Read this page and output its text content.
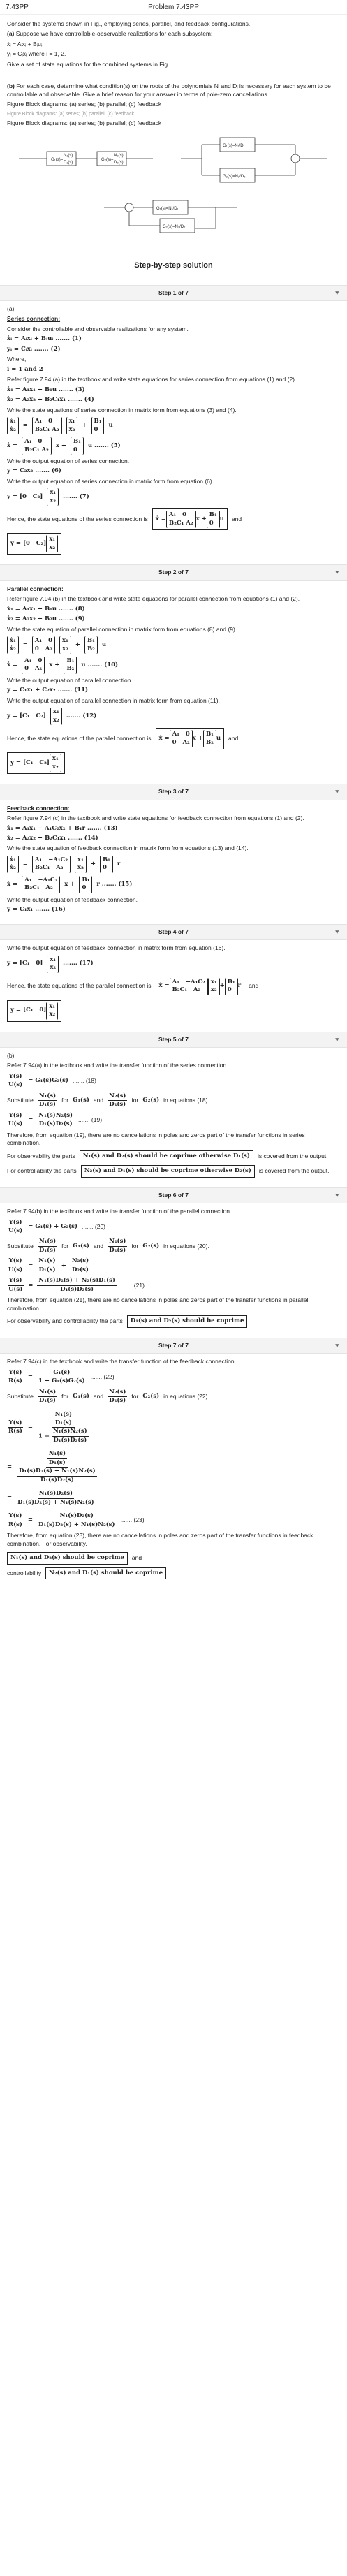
7.43PP	Problem 7.43PP

Consider the systems shown in Fig., employing series, parallel, and feedback configurations.

(a) Suppose we have controllable-observable realizations for each subsystem:

ẋᵢ = Aᵢxᵢ + Bᵢuᵢ,

yᵢ = Cᵢxᵢ where i = 1, 2.

Give a set of state equations for the combined systems in Fig.

(b) For each case, determine what condition(s) on the roots of the polynomials Nᵢ and Dᵢ is necessary for each system to be controllable and observable. Give a brief reason for your answer in terms of pole-zero cancellations.

Figure Block diagrams: (a) series; (b) parallel; (c) feedback

Figure Block diagrams: (a) series; (b) parallel; (c) feedback

Figure Block diagrams: (a) series; (b) parallel; (c) feedback

G₁(s)=
N₁(s)
D₁(s)
G₂(s)=
N₂(s)
D₂(s)
G₁(s)=N₁/D₁
G₂(s)=N₂/D₂
G₁(s)=N₁/D₁
G₂(s)=N₂/D₂
Step-by-step solution
Step 1 of 7	▾

(a)

Series connection:

Consider the controllable and observable realizations for any system.

ẋᵢ = Aᵢxᵢ + Bᵢuᵢ ....... (1)

yᵢ = Cᵢxᵢ ....... (2)

Where,

i = 1 and 2

Refer figure 7.94 (a) in the textbook and write state equations for series connection from equations (1) and (2).

ẋ₁ = A₁x₁ + B₁u ....... (3)

ẋ₂ = A₂x₂ + B₂C₁x₁ ....... (4)

Write the state equations of series connection in matrix form from equations (3) and (4).

ẋ₁
ẋ₂
=
A₁   0
B₂C₁ A₂
x₁
x₂
+
B₁
0
u
ẋ =
A₁   0
B₂C₁ A₂
x +
B₁
0
u ....... (5)

Write the output equation of series connection.

y = C₂x₂ ....... (6)

Write the output equation of series connection in matrix form from equation (6).

y = [0   C₂]
x₁
x₂
....... (7)
Hence, the state equations of the series connection is	ẋ =
A₁   0
B₂C₁ A₂
x +
B₁
0
u	and
y = [0   C₂]
x₁
x₂
Step 2 of 7	▾

Parallel connection:

Refer figure 7.94 (b) in the textbook and write state equations for parallel connection from equations (1) and (2).

ẋ₁ = A₁x₁ + B₁u ....... (8)

ẋ₂ = A₂x₂ + B₂u ....... (9)

Write the state equation of parallel connection in matrix form from equations (8) and (9).

ẋ₁
ẋ₂
=
A₁   0
0   A₂
x₁
x₂
+
B₁
B₂
u
ẋ =
A₁   0
0   A₂
x +
B₁
B₂
u ....... (10)

Write the output equation of parallel connection.

y = C₁x₁ + C₂x₂ ....... (11)

Write the output equation of parallel connection in matrix form from equation (11).

y = [C₁   C₂]
x₁
x₂
....... (12)
Hence, the state equations of the parallel connection is	ẋ =
A₁   0
0   A₂
x +
B₁
B₂
u	and
y = [C₁   C₂]
x₁
x₂
Step 3 of 7	▾

Feedback connection:

Refer figure 7.94 (c) in the textbook and write state equations for feedback connection from equations (1) and (2).

ẋ₁ = A₁x₁ − A₁C₂x₂ + B₁r ....... (13)

ẋ₂ = A₂x₂ + B₂C₁x₁ ....... (14)

Write the state equation of feedback connection in matrix form from equations (13) and (14).

ẋ₁
ẋ₂
=
A₁   −A₁C₂
B₂C₁   A₂
x₁
x₂
+
B₁
0
r
ẋ =
A₁   −A₁C₂
B₂C₁   A₂
x +
B₁
0
r ....... (15)

Write the output equation of feedback connection.

y = C₁x₁ ....... (16)

Step 4 of 7	▾

Write the output equation of feedback connection in matrix form from equation (16).

y = [C₁   0]
x₁
x₂
....... (17)
Hence, the state equations of the parallel connection is	ẋ =
A₁   −A₁C₂
B₂C₁   A₂
x₁
x₂
+
B₁
0
r	and
y = [C₁   0]
x₁
x₂
Step 5 of 7	▾

(b)

Refer 7.94(a) in the textbook and write the transfer function of the series connection.

$\frac{Y(s)}{U(s)} = G_1(s)G_2(s)$ ....... (18)
Substitute $\frac{\text{N₁(s)}}{\text{D₁(s)}}$ for G₁(s) and $\frac{\text{N₂(s)}}{\text{D₂(s)}}$ for G₂(s) in equations (18).
$\frac{Y(s)}{U(s)} = \frac{\text{N₁(s)N₂(s)}}{\text{D₁(s)D₂(s)}}$ ....... (19)

Therefore, from equation (19), there are no cancellations in poles and zeros part of the transfer functions in series combination.

For observability the parts	N₁(s) and D₂(s) should be coprime otherwise D₁(s)	is covered from the output.
For controllability the parts	N₂(s) and D₁(s) should be coprime otherwise D₂(s)	is covered from the output.
Step 6 of 7	▾

Refer 7.94(b) in the textbook and write the transfer function of the parallel connection.

$\frac{Y(s)}{U(s)} = G_1(s) + G_2(s)$ ....... (20)
Substitute $\frac{\text{N₁(s)}}{\text{D₁(s)}}$ for G₁(s) and $\frac{\text{N₂(s)}}{\text{D₂(s)}}$ for G₂(s) in equations (20).
$\frac{Y(s)}{U(s)} = \frac{\text{N₁(s)}}{\text{D₁(s)}} + \frac{\text{N₂(s)}}{\text{D₂(s)}}$
$\frac{Y(s)}{U(s)} = \frac{\text{N₁(s)D₂(s) + N₂(s)D₁(s)}}{\text{D₁(s)D₂(s)}}$ ....... (21)

Therefore, from equation (21), there are no cancellations in poles and zeros part of the transfer functions in parallel combination.

For observability and controllability the parts	D₁(s) and D₂(s) should be coprime
Step 7 of 7	▾

Refer 7.94(c) in the textbook and write the transfer function of the feedback connection.

$\frac{Y(s)}{R(s)} = \frac{\text{G₁(s)}}{\text{1 + G₁(s)G₂(s)}}$ ....... (22)
Substitute $\frac{\text{N₁(s)}}{\text{D₁(s)}}$ for G₁(s) and $\frac{\text{N₂(s)}}{\text{D₂(s)}}$ for G₂(s) in equations (22).
$\frac{Y(s)}{R(s)} = \frac{\frac{\text{N₁(s)}}{\text{D₁(s)}}}{1 + \frac{\text{N₁(s)N₂(s)}}{\text{D₁(s)D₂(s)}}}$
= $\frac{\frac{\text{N₁(s)}}{\text{D₁(s)}}}{\frac{\text{D₁(s)D₂(s) + N₁(s)N₂(s)}}{\text{D₁(s)D₂(s)}}}$
= $\frac{\text{N₁(s)D₂(s)}}{\text{D₁(s)D₂(s) + N₁(s)N₂(s)}}$
$\frac{Y(s)}{R(s)} = \frac{\text{N₁(s)D₂(s)}}{\text{D₁(s)D₂(s) + N₁(s)N₂(s)}}$ ....... (23)
Therefore, from equation (23), there are no cancellations in poles and zeros part of the transfer functions in feedback combination. For observability,
N₁(s) and D₂(s) should be coprime	and
controllability	N₂(s) and D₁(s) should be coprime
